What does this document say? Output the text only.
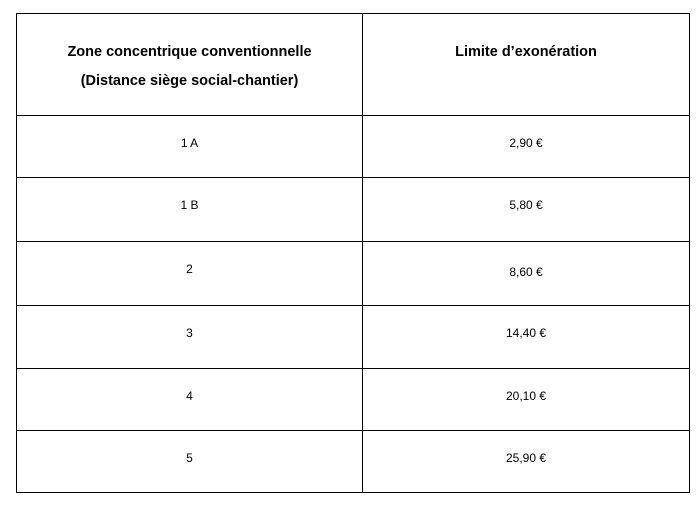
Zone concentrique conventionnelle
(Distance siège social-chantier)	Limite d’exonération

1 A	2,90 €

1 B	5,80 €

2	8,60 €

3	14,40 €

4	20,10 €

5	25,90 €
